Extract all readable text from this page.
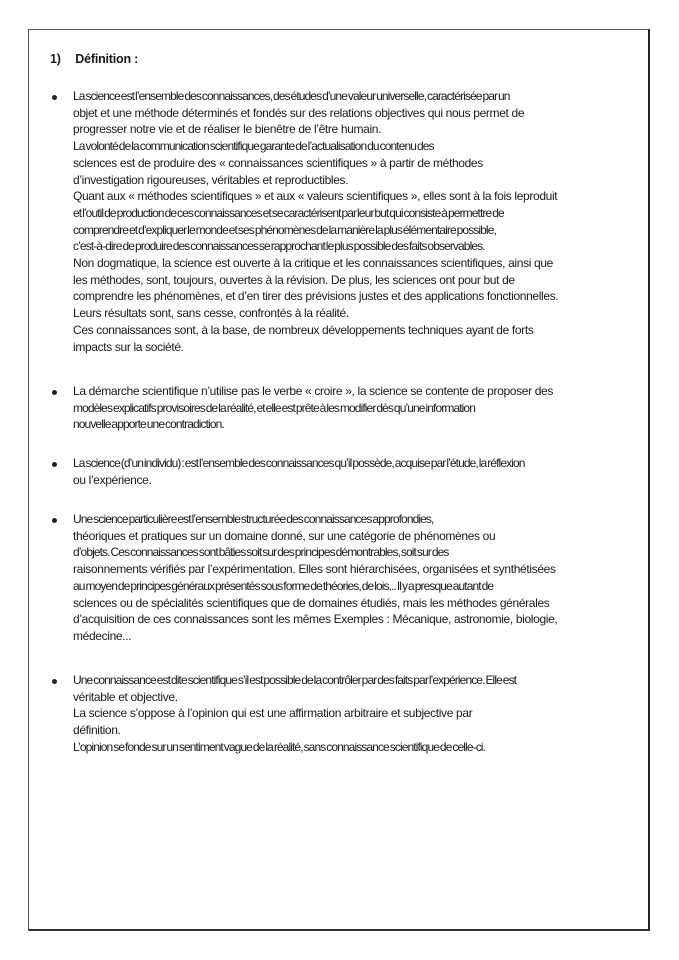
1) Définition :
La science est l’ensemble des connaissances, des études d’une valeur universelle, caractérisée par un
objet et une méthode déterminés et fondés sur des relations objectives qui nous permet de
progresser notre vie et de réaliser le bienêtre de l’être humain.
La volonté de la communication scientifique garante de l’actualisation du contenu des
sciences est de produire des « connaissances scientifiques » à partir de méthodes
d’investigation rigoureuses, véritables et reproductibles.
Quant aux « méthodes scientifiques » et aux « valeurs scientifiques », elles sont à la fois leproduit
et l’outil de production de ces connaissances et se caractérisent par leur but qui consiste à permettre de
comprendre et d’expliquer le monde et ses phénomènes de la manière la plus élémentaire possible,
c’est-à-dire de produire des connaissances se rapprochant le plus possible des faits observables.
Non dogmatique, la science est ouverte à la critique et les connaissances scientifiques, ainsi que
les méthodes, sont, toujours, ouvertes à la révision. De plus, les sciences ont pour but de
comprendre les phénomènes, et d’en tirer des prévisions justes et des applications fonctionnelles.
Leurs résultats sont, sans cesse, confrontés à la réalité.
Ces connaissances sont, à la base, de nombreux développements techniques ayant de forts
impacts sur la société.
La démarche scientifique n’utilise pas le verbe « croire », la science se contente de proposer des
modèles explicatifs provisoires de la réalité, et elle est prête à les modifier dès qu’une information
nouvelle apporte une contradiction.
La science (d’un individu) : est l’ensemble des connaissances qu’il possède, acquise par l’étude, la réflexion
ou l’expérience.
Une science particulière est l’ensemble structurée des connaissances approfondies,
théoriques et pratiques sur un domaine donné, sur une catégorie de phénomènes ou
d’objets. Ces connaissances sont bâties soit sur des principes démontrables, soit sur des
raisonnements vérifiés par l’expérimentation. Elles sont hiérarchisées, organisées et synthétisées
au moyen de principes généraux présentés sous forme de théories, de lois... Il y a presque autant de
sciences ou de spécialités scientifiques que de domaines étudiés, mais les méthodes générales
d’acquisition de ces connaissances sont les mêmes Exemples : Mécanique, astronomie, biologie,
médecine...
Une connaissance est dite scientifique s’il est possible de la contrôler par des faits par l’expérience. Elle est
véritable et objective.
La science s’oppose à l’opinion qui est une affirmation arbitraire et subjective par
définition.
L’opinion se fonde sur un sentiment vague de la réalité, sans connaissance scientifique de celle-ci.
